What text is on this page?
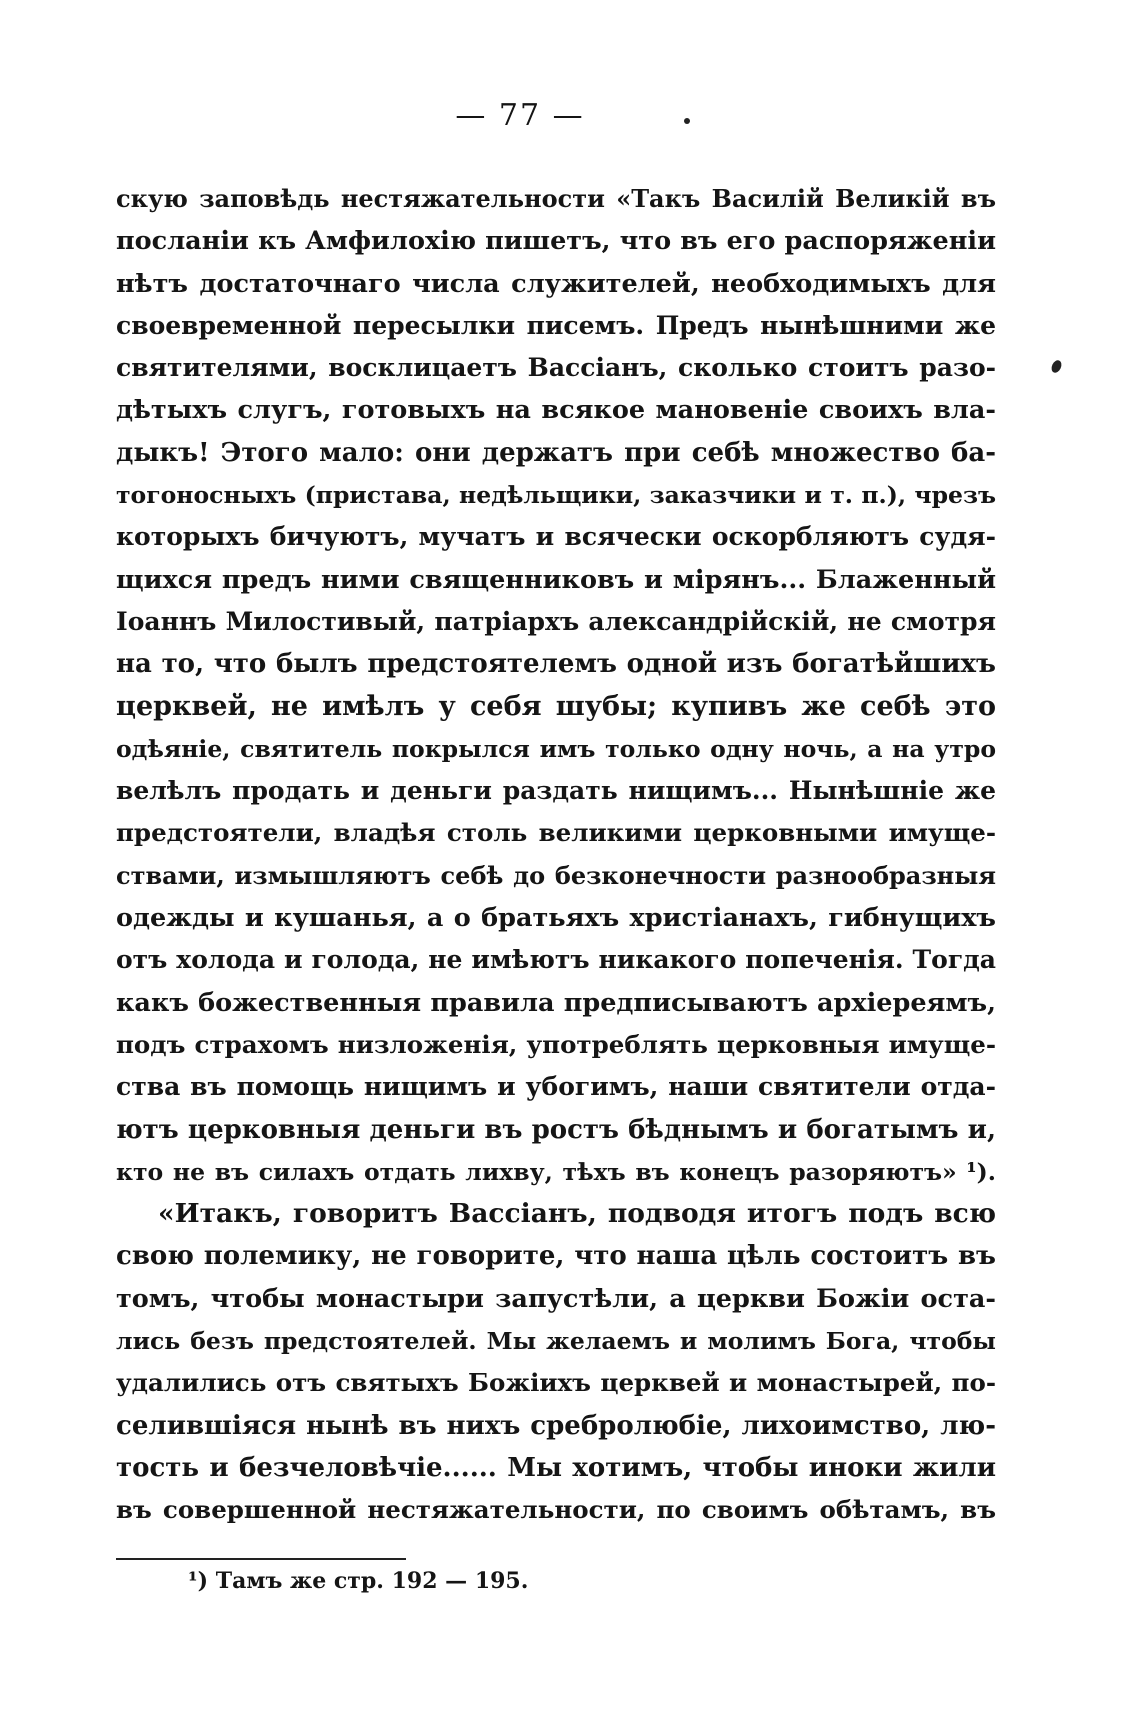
— 77 —
скую заповѣдь нестяжательности «Такъ Василій Великій въ
посланіи къ Амфилохію пишетъ, что въ его распоряженіи
нѣтъ достаточнаго числа служителей, необходимыхъ для
своевременной пересылки писемъ. Предъ нынѣшними же
святителями, восклицаетъ Вассіанъ, сколько стоитъ разо-
дѣтыхъ слугъ, готовыхъ на всякое мановеніе своихъ вла-
дыкъ! Этого мало: они держатъ при себѣ множество ба-
тогоносныхъ (пристава, недѣльщики, заказчики и т. п.), чрезъ
которыхъ бичуютъ, мучатъ и всячески оскорбляютъ судя-
щихся предъ ними священниковъ и мірянъ... Блаженный
Іоаннъ Милостивый, патріархъ александрійскій, не смотря
на то, что былъ предстоятелемъ одной изъ богатѣйшихъ
церквей, не имѣлъ у себя шубы; купивъ же себѣ это
одѣяніе, святитель покрылся имъ только одну ночь, а на утро
велѣлъ продать и деньги раздать нищимъ... Нынѣшніе же
предстоятели, владѣя столь великими церковными имуще-
ствами, измышляютъ себѣ до безконечности разнообразныя
одежды и кушанья, а о братьяхъ христіанахъ, гибнущихъ
отъ холода и голода, не имѣютъ никакого попеченія. Тогда
какъ божественныя правила предписываютъ архіереямъ,
подъ страхомъ низложенія, употреблять церковныя имуще-
ства въ помощь нищимъ и убогимъ, наши святители отда-
ютъ церковныя деньги въ ростъ бѣднымъ и богатымъ и,
кто не въ силахъ отдать лихву, тѣхъ въ конецъ разоряютъ» ¹).
«Итакъ, говоритъ Вассіанъ, подводя итогъ подъ всю
свою полемику, не говорите, что наша цѣль состоитъ въ
томъ, чтобы монастыри запустѣли, а церкви Божіи оста-
лись безъ предстоятелей. Мы желаемъ и молимъ Бога, чтобы
удалились отъ святыхъ Божіихъ церквей и монастырей, по-
селившіяся нынѣ въ нихъ сребролюбіе, лихоимство, лю-
тость и безчеловѣчіе...... Мы хотимъ, чтобы иноки жили
въ совершенной нестяжательности, по своимъ обѣтамъ, въ
¹) Тамъ же стр. 192 — 195.
